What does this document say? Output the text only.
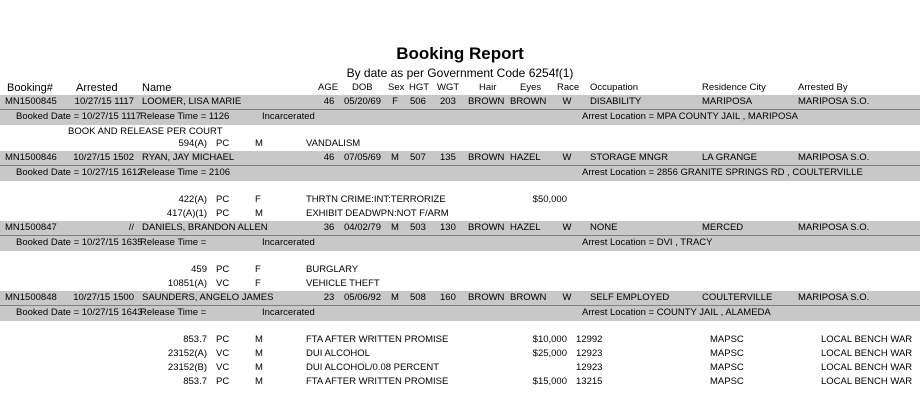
Booking Report
By date as per Government Code 6254f(1)
Booking# Arrested Name	AGE DOB Sex HGT WGT Hair Eyes Race Occupation	Residence City	Arrested By
MN1500845 10/27/15 1117 LOOMER, LISA MARIE	46	05/20/69	F	506 203 BROWN BROWN W DISABILITY	MARIPOSA	MARIPOSA S.O.
Booked Date = 10/27/15 1117
Release Time = 1126	Incarcerated	Arrest Location = MPA COUNTY JAIL , MARIPOSA
BOOK AND RELEASE PER COURT
594(A) PC	M	VANDALISM
MN1500846 10/27/15 1502 RYAN, JAY MICHAEL	46	07/05/69	M	507 135 BROWN HAZEL W STORAGE MNGR	LA GRANGE	MARIPOSA S.O.
Booked Date = 10/27/15 1612
Release Time = 2106	Arrest Location = 2856 GRANITE SPRINGS RD , COULTERVILLE
422(A) PC	F	THRTN CRIME:INT:TERRORIZE	$50,000
417(A)(1) PC	M	EXHIBIT DEADWPN:NOT F/ARM
MN1500847	// DANIELS, BRANDON ALLEN	36	04/02/79	M	503 130 BROWN HAZEL W NONE	MERCED	MARIPOSA S.O.
Booked Date = 10/27/15 1635
Release Time =	Incarcerated	Arrest Location = DVI , TRACY
459 PC	F	BURGLARY
10851(A) VC	F	VEHICLE THEFT
MN1500848 10/27/15 1500 SAUNDERS, ANGELO JAMES	23	05/06/92	M	508 160 BROWN BROWN W SELF EMPLOYED	COULTERVILLE	MARIPOSA S.O.
Booked Date = 10/27/15 1643
Release Time =	Incarcerated	Arrest Location = COUNTY JAIL , ALAMEDA
853.7 PC	M	FTA AFTER WRITTEN PROMISE	$10,000 12992	MAPSC	LOCAL BENCH WAR
23152(A) VC	M	DUI ALCOHOL	$25,000 12923	MAPSC	LOCAL BENCH WAR
23152(B) VC	M	DUI ALCOHOL/0.08 PERCENT	12923	MAPSC	LOCAL BENCH WAR
853.7 PC	M	FTA AFTER WRITTEN PROMISE	$15,000 13215	MAPSC	LOCAL BENCH WAR
